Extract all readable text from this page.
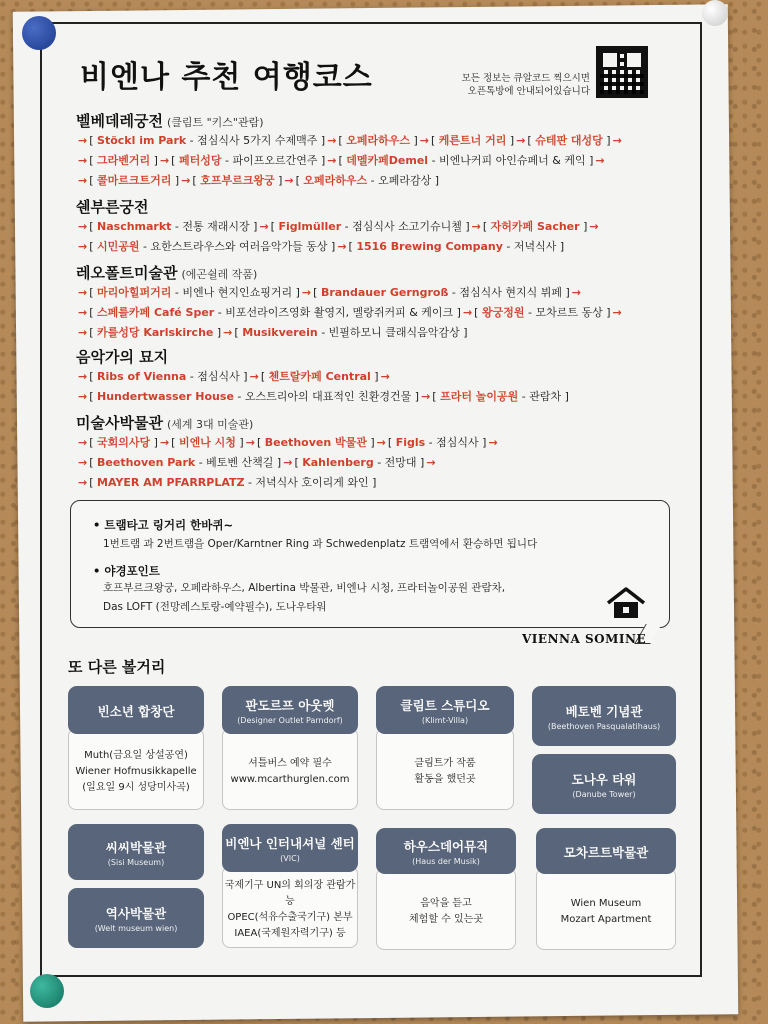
비엔나 추천 여행코스	모든 정보는 큐알코드 찍으시면
오픈톡방에 안내되어있습니다
벨베데레궁전 (클림트 "키스"관람)
→ [ Stöckl im Park - 점심식사 5가지 수제맥주 ] → [ 오페라하우스 ] → [ 케른트너 거리 ] → [ 슈테판 대성당 ] →
→ [ 그라벤거리 ] → [ 페터성당 - 파이프오르간연주 ] → [ 데멜카페Demel - 비엔나커피 아인슈페너 & 케익 ] →
→ [ 콜마르크트거리 ] → [ 호프부르크왕궁 ] → [ 오페라하우스 - 오페라감상 ]
쉔부른궁전
→ [ Naschmarkt - 전통 재래시장 ] → [ Figlmüller - 점심식사 소고기슈니첼 ] → [ 자허카페 Sacher ] →
→ [ 시민공원 - 요한스트라우스와 여러음악가들 동상 ] → [ 1516 Brewing Company - 저녁식사 ]
레오폴트미술관 (에곤쉴레 작품)
→ [ 마리아힐퍼거리 - 비엔나 현지인쇼핑거리 ] → [ Brandauer Gerngroß - 점심식사 현지식 뷔페 ] →
→ [ 스페를카페 Café Sper - 비포선라이즈영화 촬영지, 멜랑쥐커피 & 케이크 ] → [ 왕궁정원 - 모차르트 동상 ] →
→ [ 카를성당 Karlskirche ] → [ Musikverein - 빈필하모니 클래식음악감상 ]
음악가의 묘지
→ [ Ribs of Vienna - 점심식사 ] → [ 첸트랄카페 Central ] →
→ [ Hundertwasser House - 오스트리아의 대표적인 친환경건물 ] → [ 프라터 놀이공원 - 관람차 ]
미술사박물관 (세계 3대 미술관)
→ [ 국회의사당 ] → [ 비엔나 시청 ] → [ Beethoven 박물관 ] → [ Figls - 점심식사 ] →
→ [ Beethoven Park - 베토벤 산책길 ] → [ Kahlenberg - 전망대 ] →
→ [ MAYER AM PFARRPLATZ - 저녁식사 호이리게 와인 ]
• 트램타고 링거리 한바퀴~
1번트램 과 2번트램을 Oper/Karntner Ring 과 Schwedenplatz 트램역에서 환승하면 됩니다
• 야경포인트
호프부르크왕궁, 오페라하우스, Albertina 박물관, 비엔나 시청, 프라터놀이공원 관람차,
Das LOFT (전망레스토랑-예약필수), 도나우타워
VIENNA SOMINE
또 다른 볼거리
Muth(금요일 상설공연)
Wiener Hofmusikkapelle
(일요일 9시 성당미사곡)
빈소년 합창단
셔틀버스 예약 필수
www.mcarthurglen.com
판도르프 아웃렛
(Designer Outlet Parndorf)
클림트가 작품
활동을 했던곳
클림트 스튜디오
(Klimt-Villa)
베토벤 기념관
(Beethoven Pasqualatihaus)
도나우 타워
(Danube Tower)
씨씨박물관
(Sisi Museum)
역사박물관
(Welt museum wien)
국제기구 UN의 회의장 관람가능
OPEC(석유수출국기구) 본부
IAEA(국제원자력기구) 등
비엔나 인터내셔널 센터
(VIC)
음악을 듣고
체험할 수 있는곳
하우스데어뮤직
(Haus der Musik)
Wien Museum
Mozart Apartment
모차르트박물관
